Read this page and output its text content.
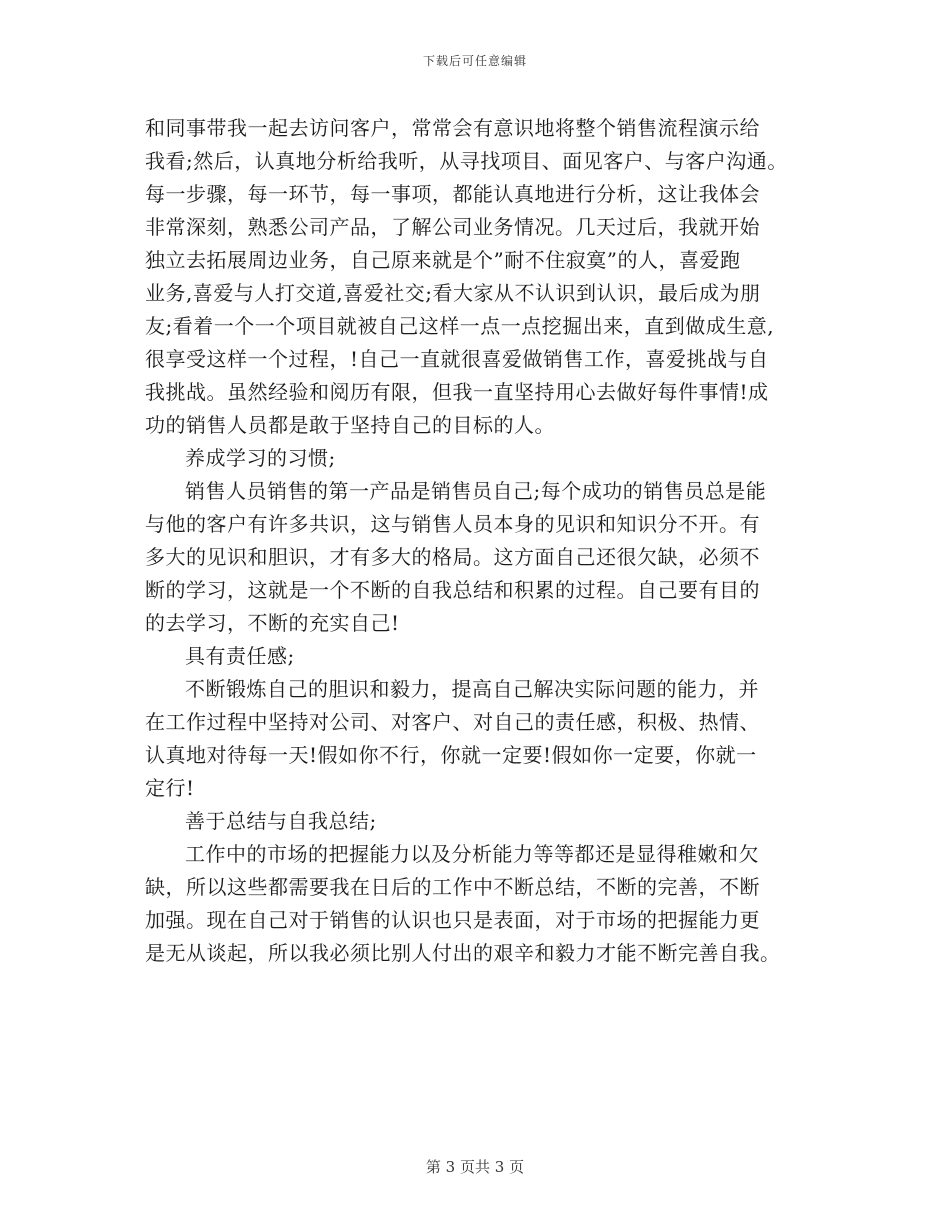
下载后可任意编辑
和同事带我一起去访问客户，常常会有意识地将整个销售流程演示给
我看;然后，认真地分析给我听，从寻找项目、面见客户、与客户沟通。
每一步骤，每一环节，每一事项，都能认真地进行分析，这让我体会
非常深刻，熟悉公司产品，了解公司业务情况。几天过后，我就开始
独立去拓展周边业务，自己原来就是个”耐不住寂寞”的人，喜爱跑
业务,喜爱与人打交道,喜爱社交;看大家从不认识到认识，最后成为朋
友;看着一个一个项目就被自己这样一点一点挖掘出来，直到做成生意,
很享受这样一个过程，!自己一直就很喜爱做销售工作，喜爱挑战与自
我挑战。虽然经验和阅历有限，但我一直坚持用心去做好每件事情!成
功的销售人员都是敢于坚持自己的目标的人。
养成学习的习惯;
销售人员销售的第一产品是销售员自己;每个成功的销售员总是能
与他的客户有许多共识，这与销售人员本身的见识和知识分不开。有
多大的见识和胆识，才有多大的格局。这方面自己还很欠缺，必须不
断的学习，这就是一个不断的自我总结和积累的过程。自己要有目的
的去学习，不断的充实自己!
具有责任感;
不断锻炼自己的胆识和毅力，提高自己解决实际问题的能力，并
在工作过程中坚持对公司、对客户、对自己的责任感，积极、热情、
认真地对待每一天!假如你不行，你就一定要!假如你一定要，你就一
定行!
善于总结与自我总结;
工作中的市场的把握能力以及分析能力等等都还是显得稚嫩和欠
缺，所以这些都需要我在日后的工作中不断总结，不断的完善，不断
加强。现在自己对于销售的认识也只是表面，对于市场的把握能力更
是无从谈起，所以我必须比别人付出的艰辛和毅力才能不断完善自我。
第 3 页共 3 页
